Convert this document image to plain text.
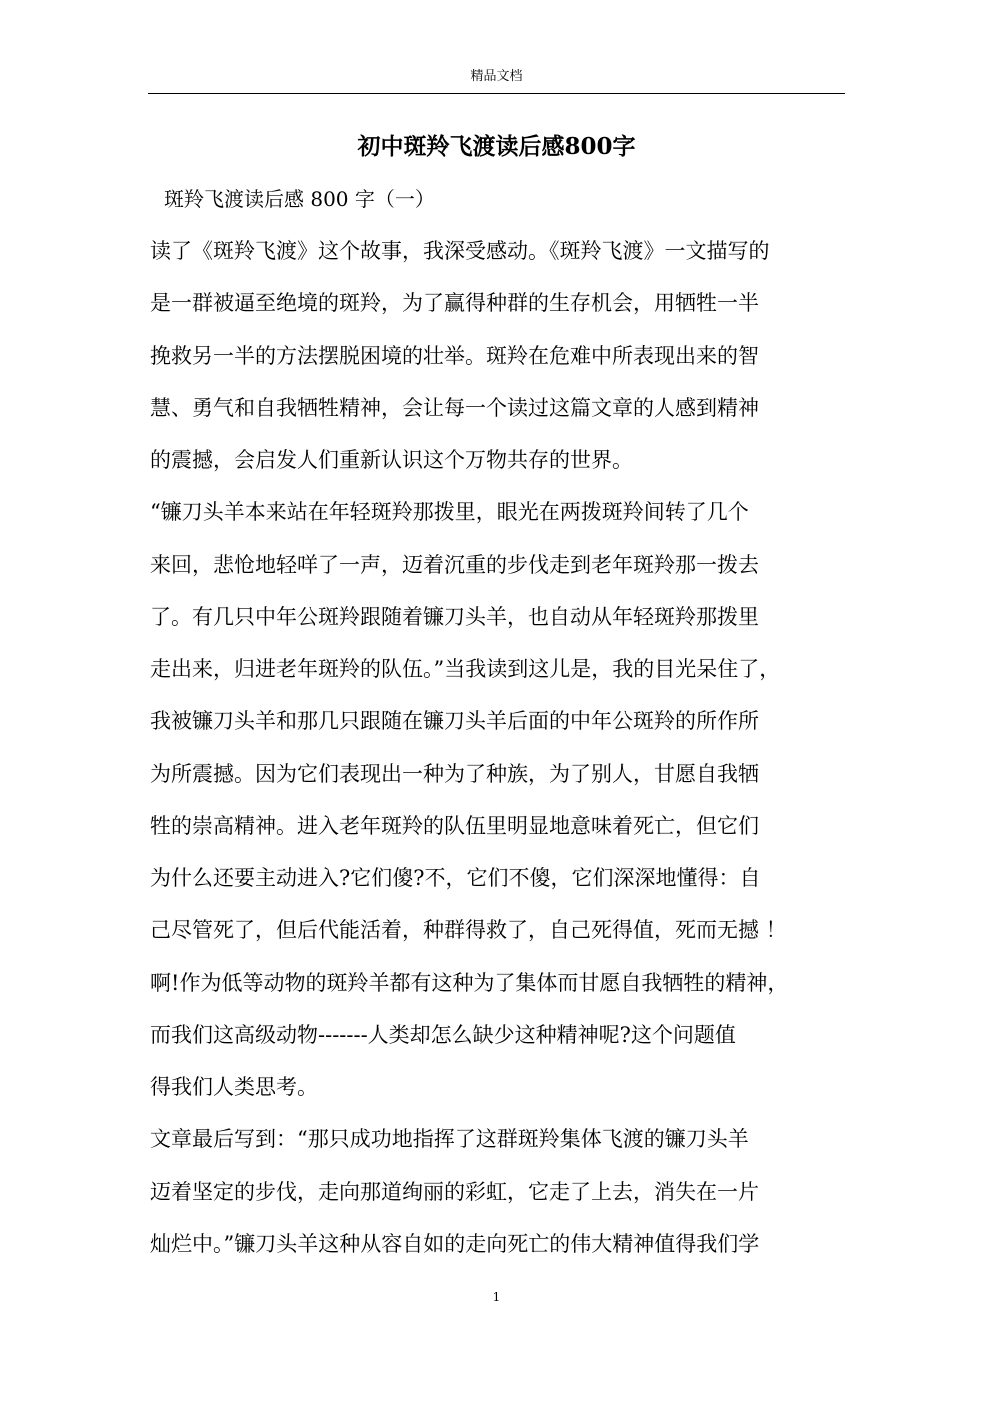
精品文档
初中斑羚飞渡读后感800字
斑羚飞渡读后感 800 字（一）
读了《斑羚飞渡》这个故事，我深受感动。《斑羚飞渡》一文描写的
是一群被逼至绝境的斑羚，为了赢得种群的生存机会，用牺牲一半
挽救另一半的方法摆脱困境的壮举。斑羚在危难中所表现出来的智
慧、勇气和自我牺牲精神，会让每一个读过这篇文章的人感到精神
的震撼，会启发人们重新认识这个万物共存的世界。
“镰刀头羊本来站在年轻斑羚那拨里，眼光在两拨斑羚间转了几个
来回，悲怆地轻咩了一声，迈着沉重的步伐走到老年斑羚那一拨去
了。有几只中年公斑羚跟随着镰刀头羊，也自动从年轻斑羚那拨里
走出来，归进老年斑羚的队伍。”当我读到这儿是，我的目光呆住了，
我被镰刀头羊和那几只跟随在镰刀头羊后面的中年公斑羚的所作所
为所震撼。因为它们表现出一种为了种族，为了别人，甘愿自我牺
牲的崇高精神。进入老年斑羚的队伍里明显地意味着死亡，但它们
为什么还要主动进入?它们傻?不，它们不傻，它们深深地懂得：自
己尽管死了，但后代能活着，种群得救了，自己死得值，死而无撼 ！
啊!作为低等动物的斑羚羊都有这种为了集体而甘愿自我牺牲的精神，
而我们这高级动物-------人类却怎么缺少这种精神呢?这个问题值
得我们人类思考。
文章最后写到：“那只成功地指挥了这群斑羚集体飞渡的镰刀头羊
迈着坚定的步伐，走向那道绚丽的彩虹，它走了上去，消失在一片
灿烂中。”镰刀头羊这种从容自如的走向死亡的伟大精神值得我们学
1
